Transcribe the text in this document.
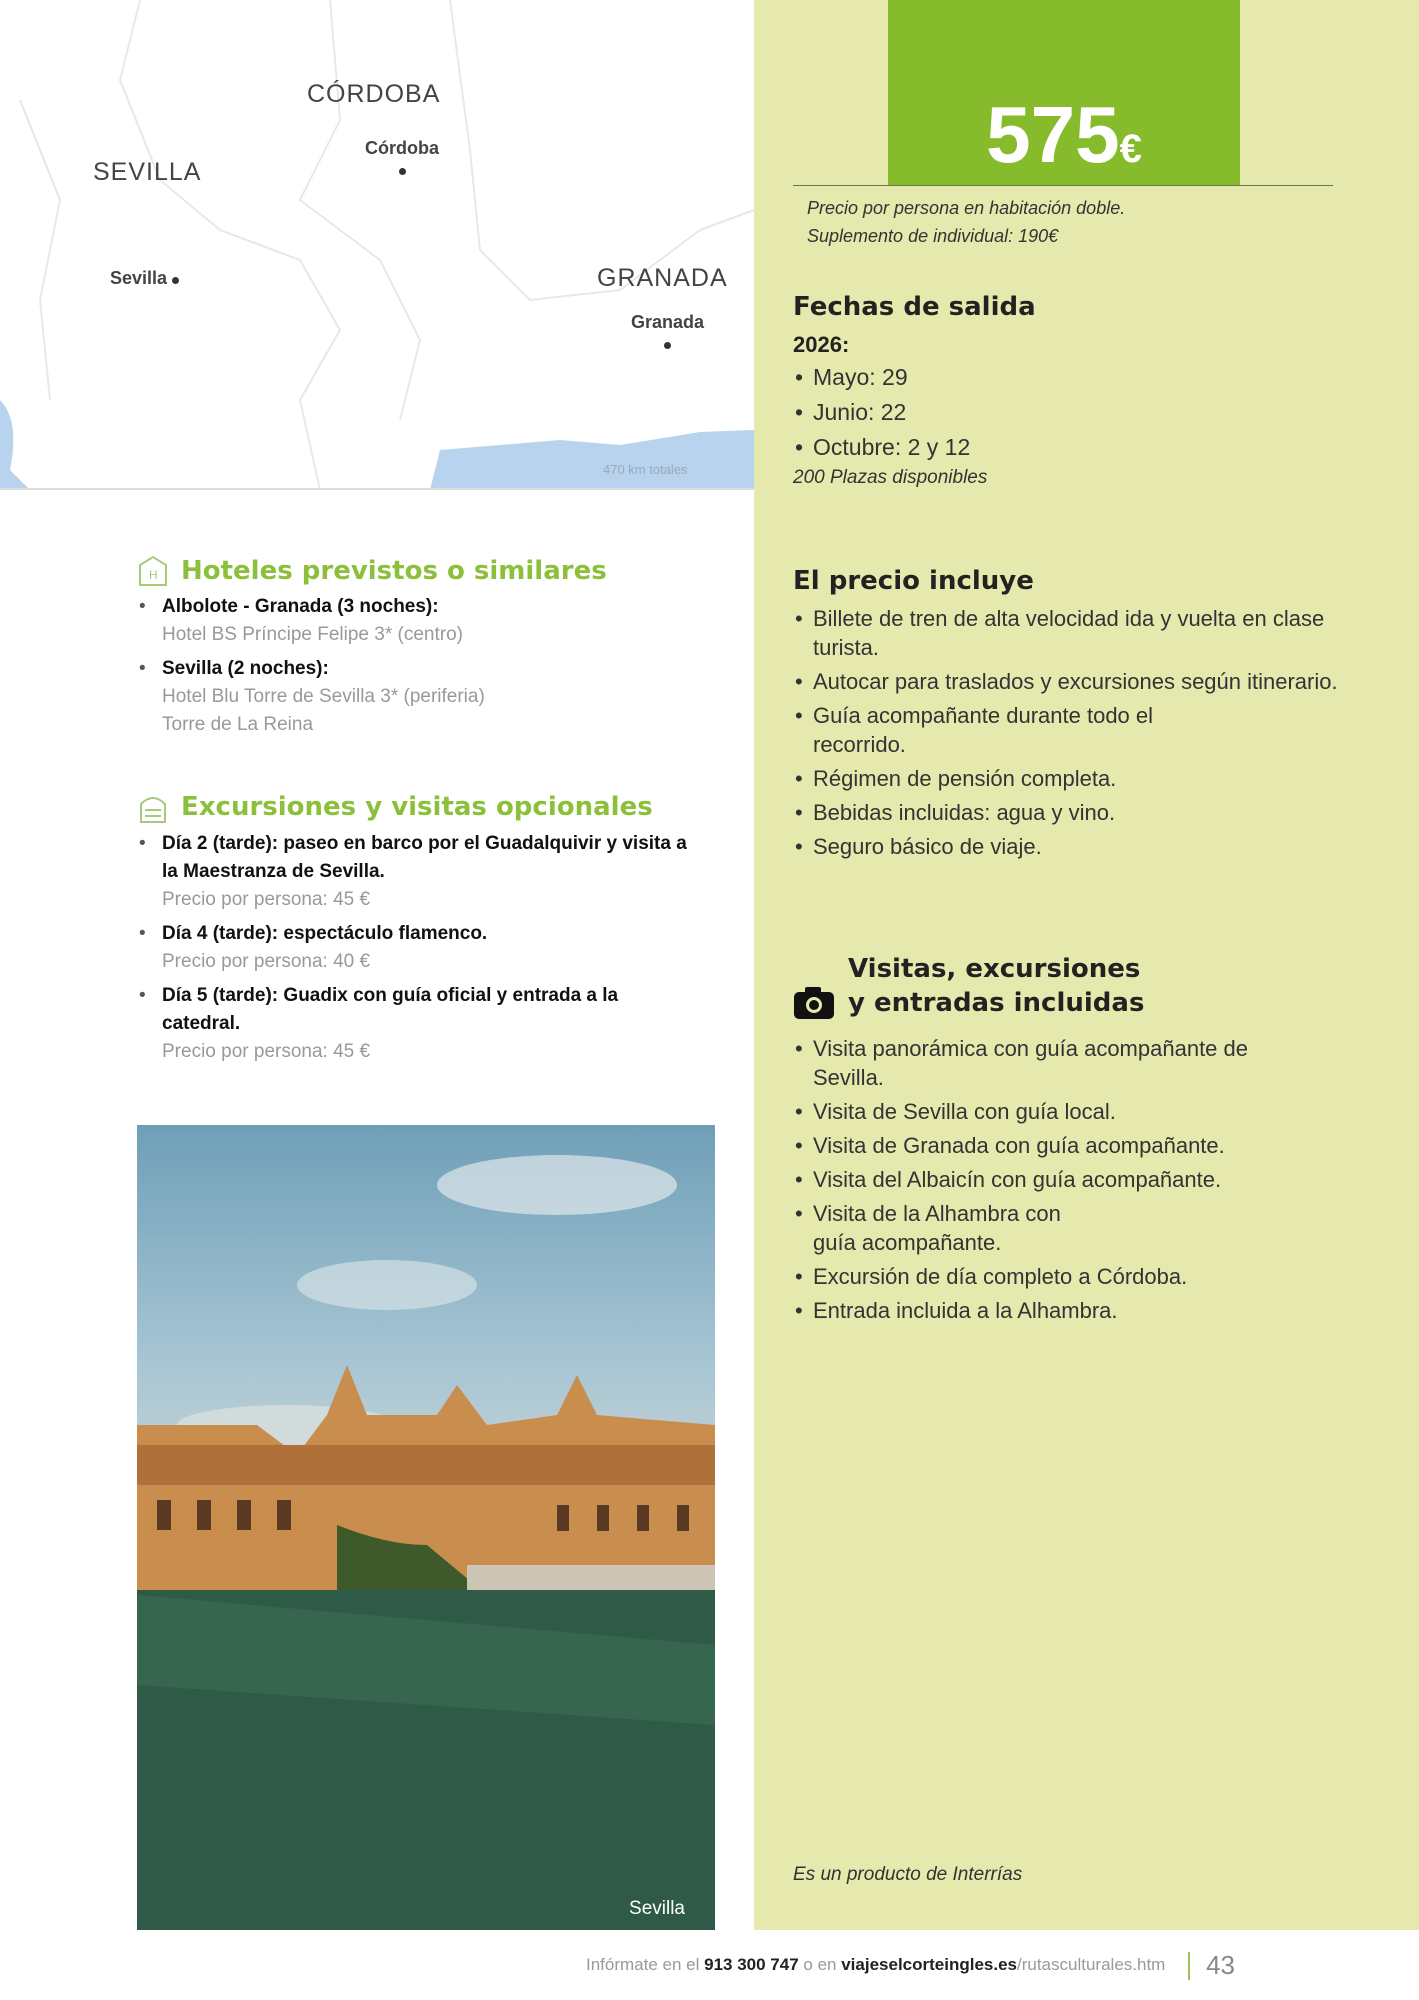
CÓRDOBA
SEVILLA
GRANADA
Córdoba

Sevilla
Granada

470 km totales
575€
Precio por persona en habitación doble.
Suplemento de individual: 190€
Fechas de salida
2026:
• Mayo: 29
• Junio: 22
• Octubre: 2 y 12
200 Plazas disponibles
El precio incluye
• Billete de tren de alta velocidad ida y vuelta en clase turista.
• Autocar para traslados y excursiones según itinerario.
• Guía acompañante durante todo el recorrido.
• Régimen de pensión completa.
• Bebidas incluidas: agua y vino.
• Seguro básico de viaje.
Visitas, excursiones
y entradas incluidas
• Visita panorámica con guía acompañante de Sevilla.
• Visita de Sevilla con guía local.
• Visita de Granada con guía acompañante.
• Visita del Albaicín con guía acompañante.
• Visita de la Alhambra con guía acompañante.
• Excursión de día completo a Córdoba.
• Entrada incluida a la Alhambra.
Es un producto de Interrías
H Hoteles previstos o similares
• Albolote - Granada (3 noches):
Hotel BS Príncipe Felipe 3* (centro)
• Sevilla (2 noches):
Hotel Blu Torre de Sevilla 3* (periferia)
Torre de La Reina
Excursiones y visitas opcionales
• Día 2 (tarde): paseo en barco por el Guadalquivir y visita a la Maestranza de Sevilla.
Precio por persona: 45 €
• Día 4 (tarde): espectáculo flamenco.
Precio por persona: 40 €
• Día 5 (tarde): Guadix con guía oficial y entrada a la catedral.
Precio por persona: 45 €
Sevilla
Infórmate en el 913 300 747 o en viajeselcorteingles.es/rutasculturales.htm 43
